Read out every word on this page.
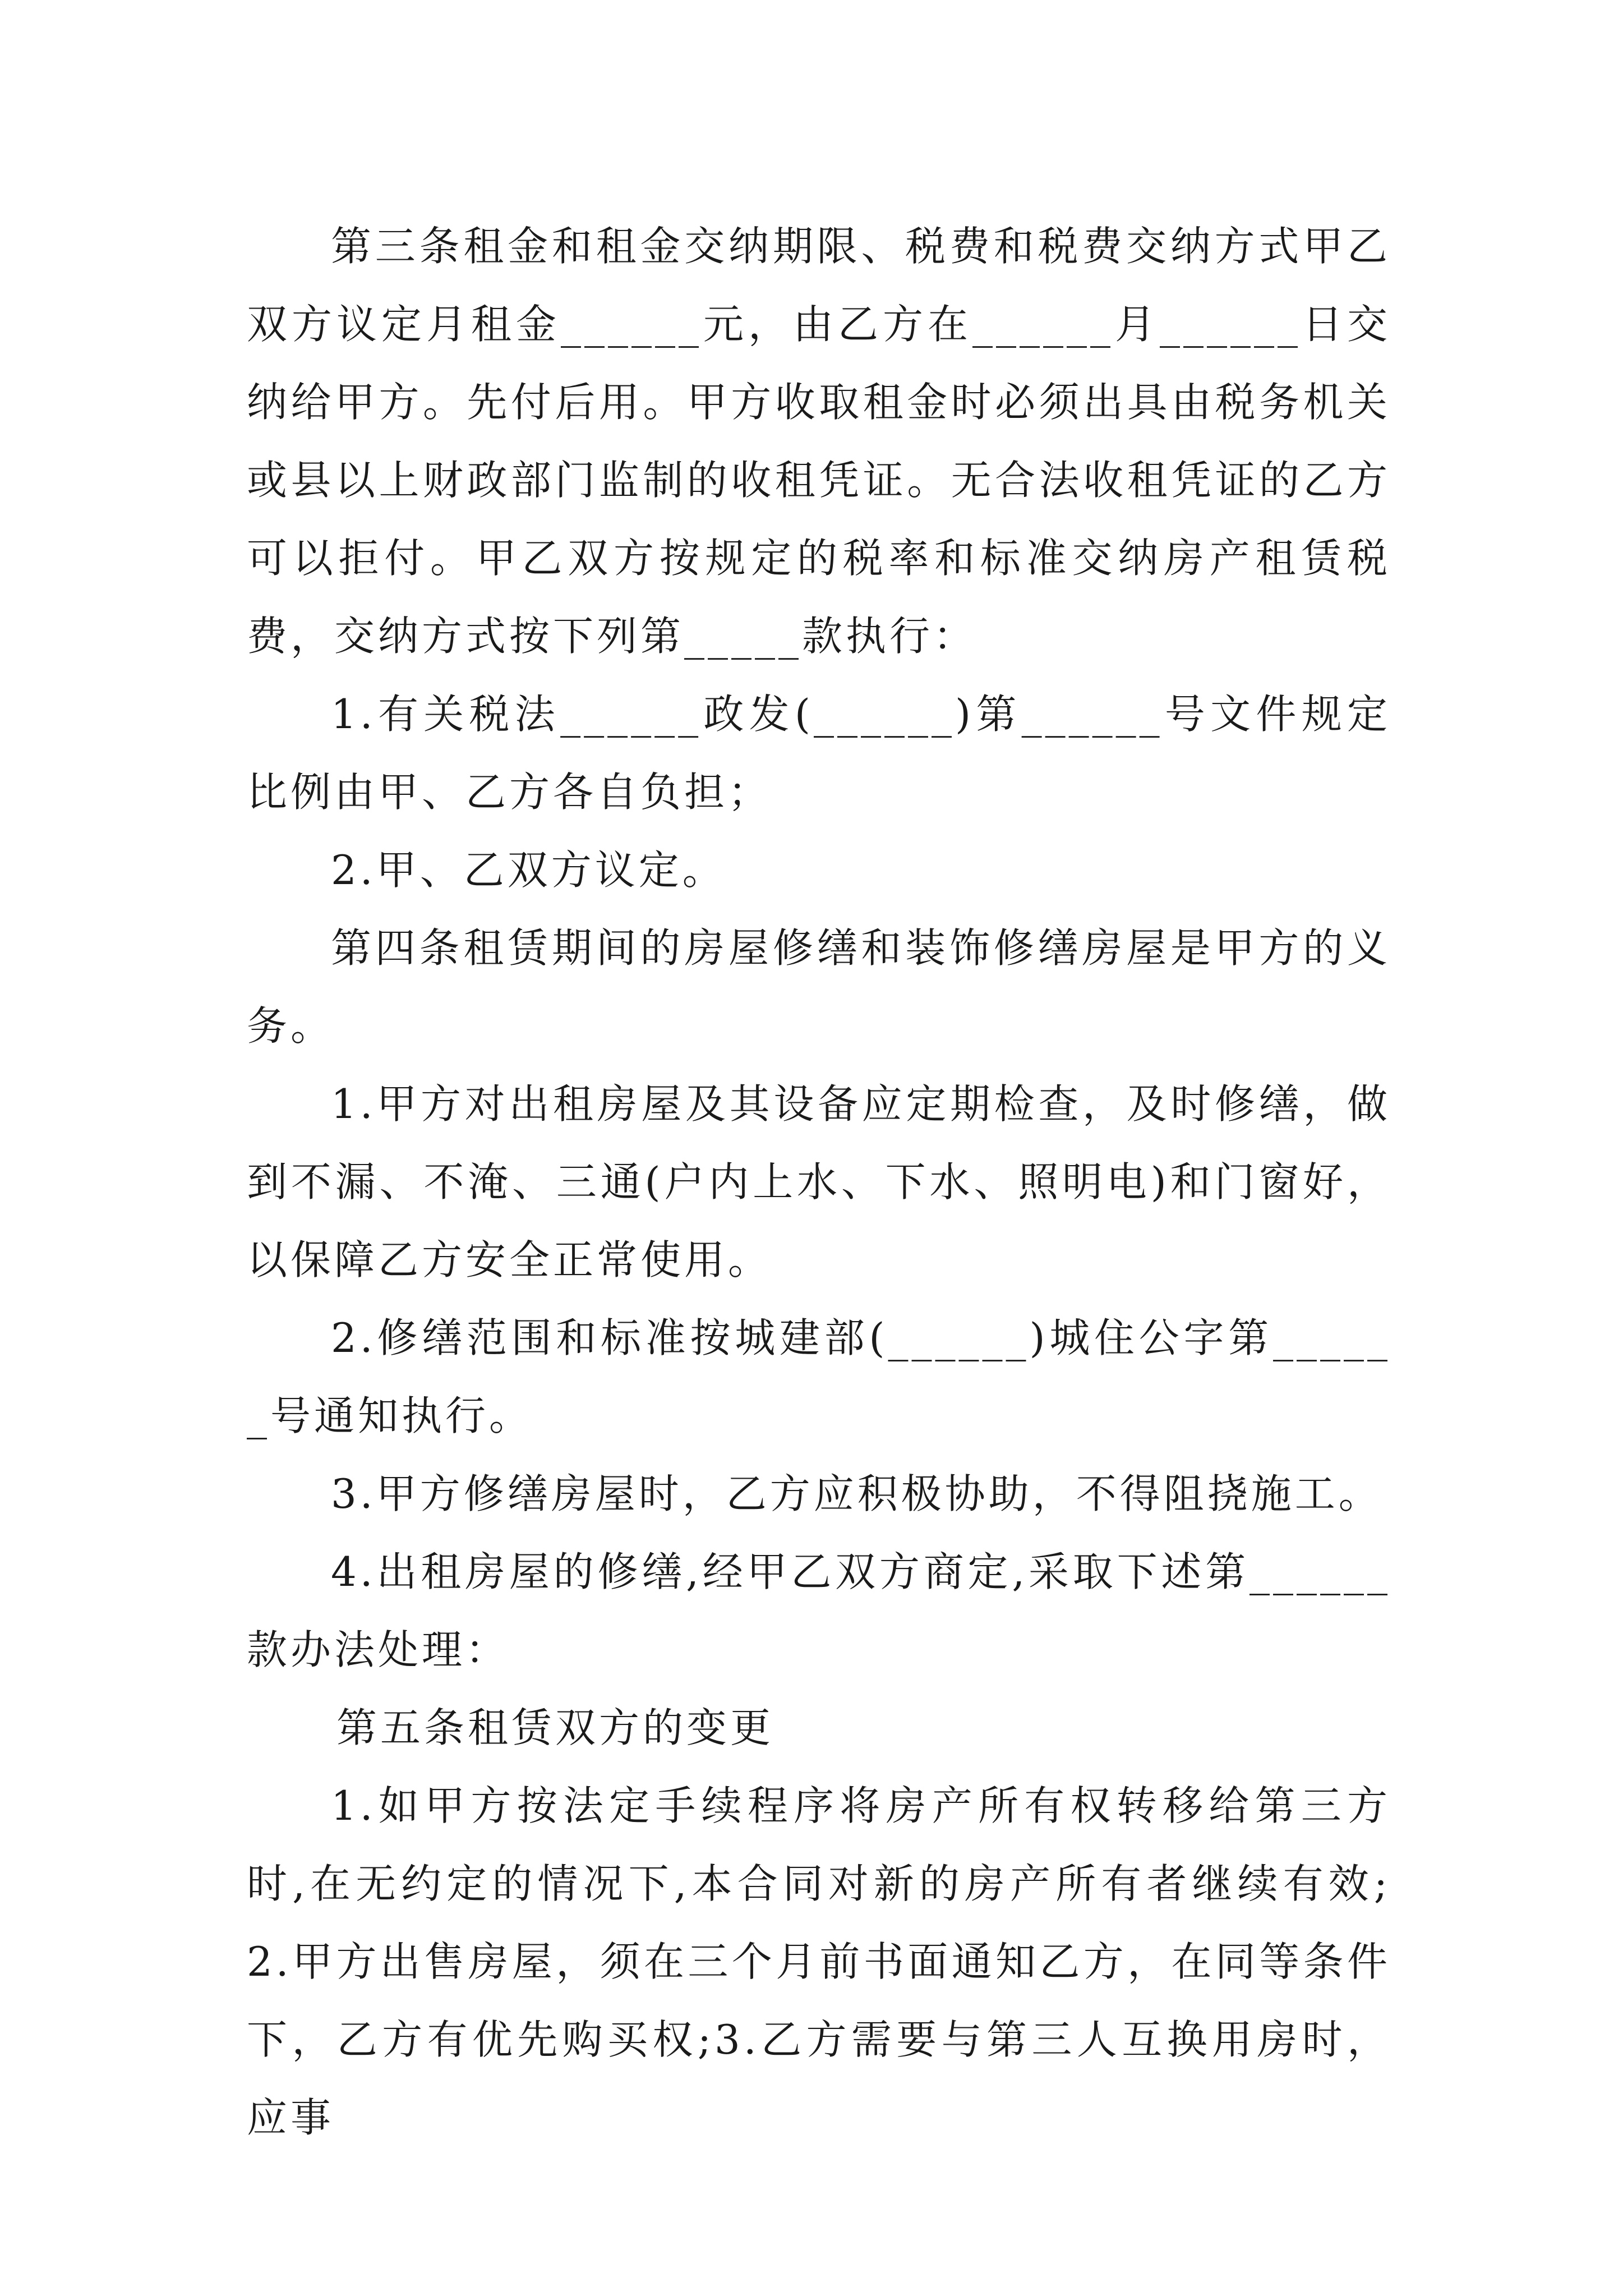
第三条租金和租金交纳期限、税费和税费交纳方式甲乙双方议定月租金______元，由乙方在______月______日交纳给甲方。先付后用。甲方收取租金时必须出具由税务机关或县以上财政部门监制的收租凭证。无合法收租凭证的乙方可以拒付。甲乙双方按规定的税率和标准交纳房产租赁税费，交纳方式按下列第_____款执行：

1.有关税法______政发(______)第______号文件规定比例由甲、乙方各自负担；

2.甲、乙双方议定。

第四条租赁期间的房屋修缮和装饰修缮房屋是甲方的义务。

1.甲方对出租房屋及其设备应定期检查，及时修缮，做到不漏、不淹、三通(户内上水、下水、照明电)和门窗好，以保障乙方安全正常使用。

2.修缮范围和标准按城建部(______)城住公字第______号通知执行。

3.甲方修缮房屋时，乙方应积极协助，不得阻挠施工。

4.出租房屋的修缮,经甲乙双方商定,采取下述第______款办法处理：

第五条租赁双方的变更

1.如甲方按法定手续程序将房产所有权转移给第三方时,在无约定的情况下,本合同对新的房产所有者继续有效;2.甲方出售房屋，须在三个月前书面通知乙方，在同等条件下，乙方有优先购买权;3.乙方需要与第三人互换用房时，应事
